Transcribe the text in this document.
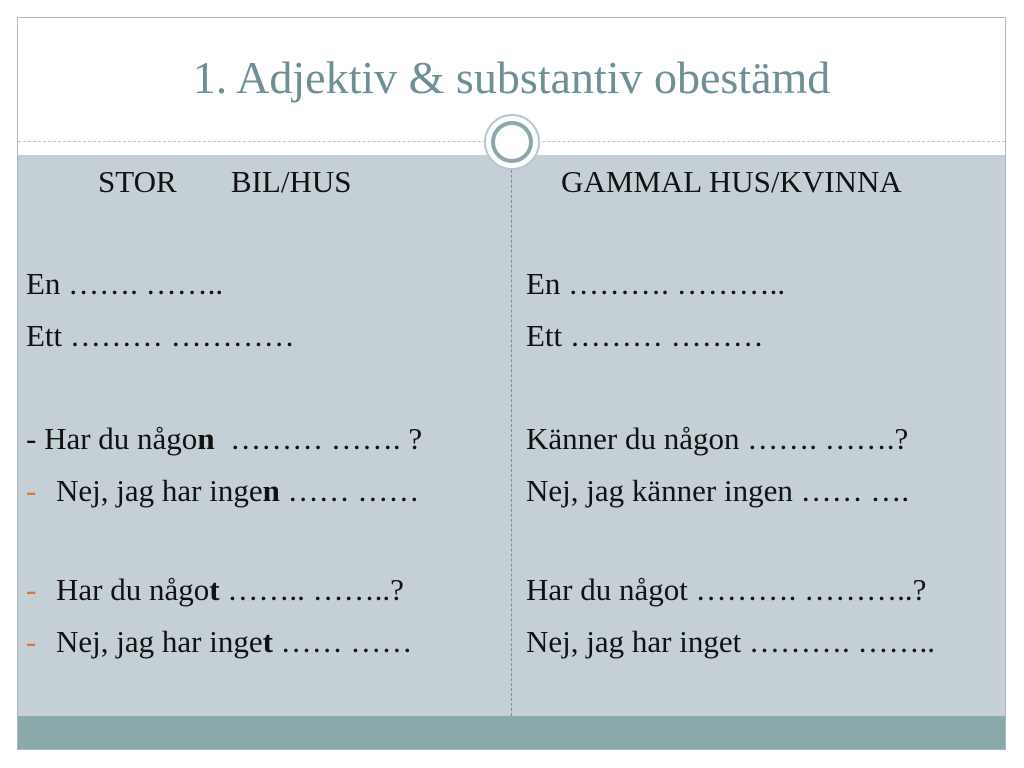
1. Adjektiv & substantiv obestämd
STOR       BIL/HUS
En ……. ……..
Ett ……… …………
- Har du någon  ……… ……. ?
- Nej, jag har ingen …… ……
- Har du något …….. ……..?
- Nej, jag har inget …… ……
GAMMAL HUS/KVINNA
En ………. ………..
Ett ……… ………
Känner du någon ……. …….?
Nej, jag känner ingen …… ….
Har du något ………. ………..?
Nej, jag har inget ………. ……..
